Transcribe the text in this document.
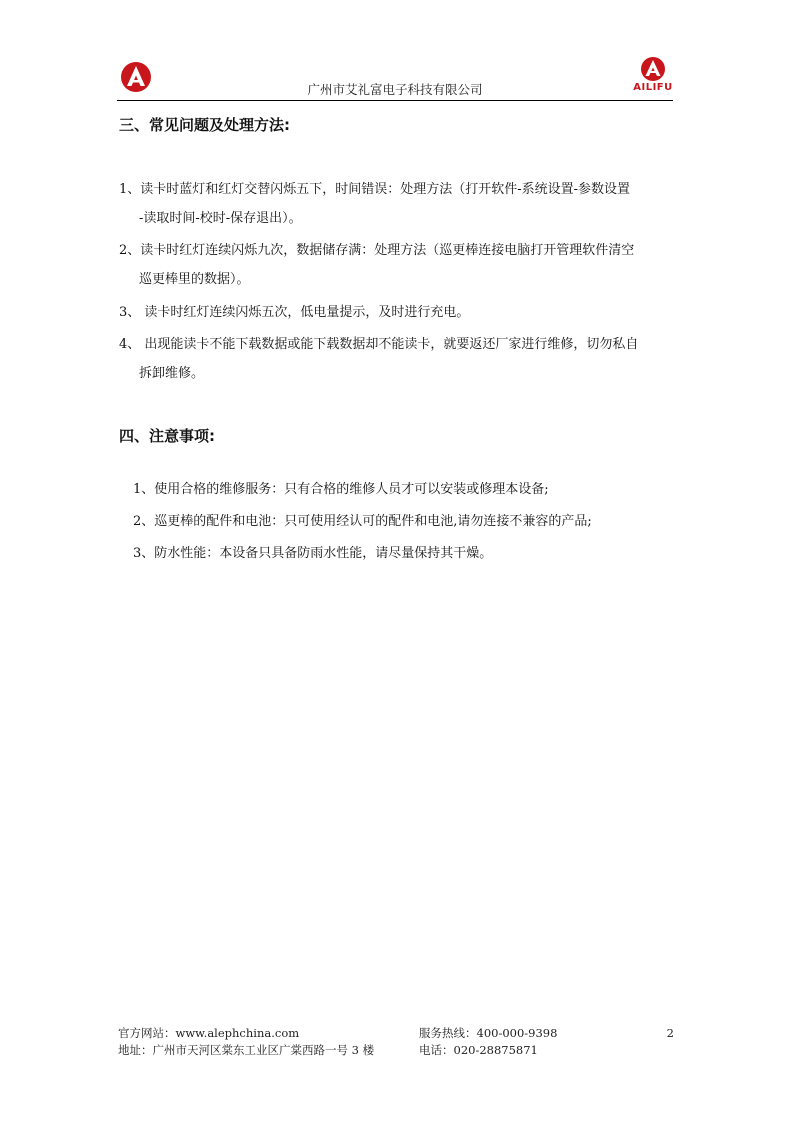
广州市艾礼富电子科技有限公司	AILIFU
三、常见问题及处理方法:
1、读卡时蓝灯和红灯交替闪烁五下，时间错误：处理方法（打开软件-系统设置-参数设置
-读取时间-校时-保存退出）。
2、读卡时红灯连续闪烁九次，数据储存满：处理方法（巡更棒连接电脑打开管理软件清空
巡更棒里的数据）。
3、 读卡时红灯连续闪烁五次，低电量提示，及时进行充电。
4、 出现能读卡不能下载数据或能下载数据却不能读卡，就要返还厂家进行维修，切勿私自
拆卸维修。
四、注意事项:
1、使用合格的维修服务：只有合格的维修人员才可以安装或修理本设备;
2、巡更棒的配件和电池：只可使用经认可的配件和电池,请勿连接不兼容的产品;
3、防水性能：本设备只具备防雨水性能，请尽量保持其干燥。
官方网站：www.alephchina.com
地址：广州市天河区棠东工业区广棠西路一号 3 楼
服务热线：400-000-9398
电话：020-28875871
2
